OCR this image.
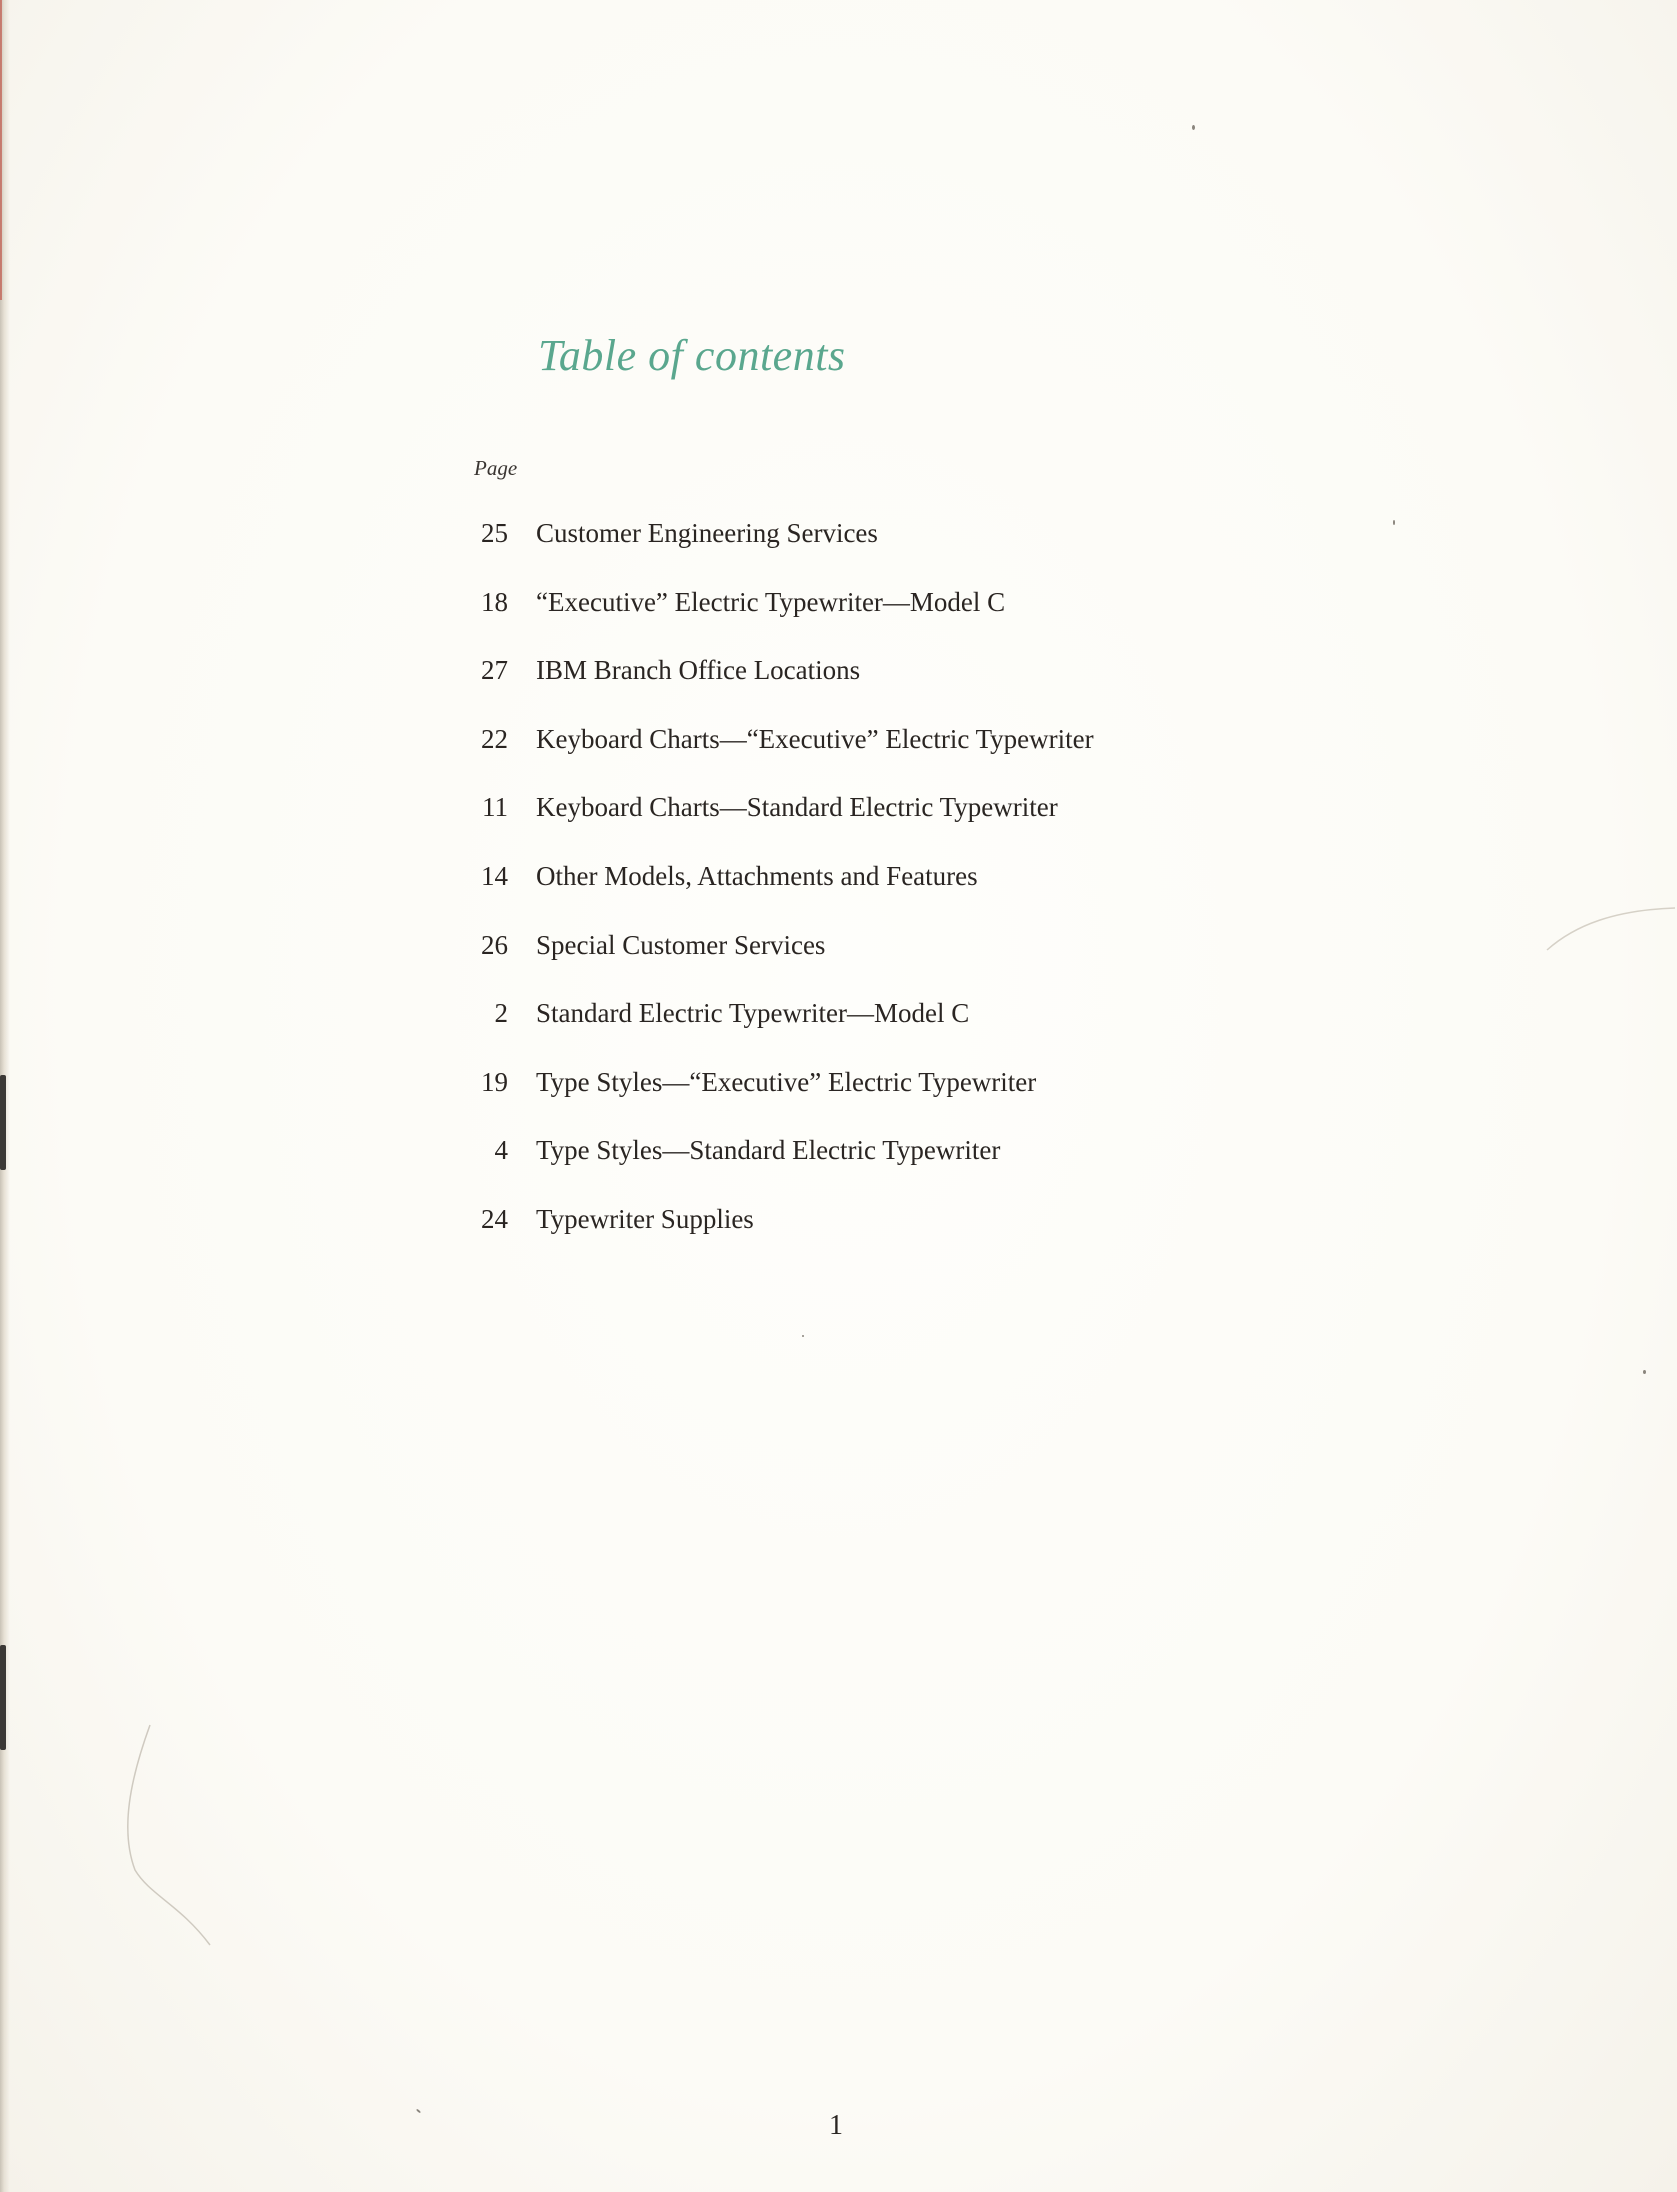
Table of contents
Page
25 Customer Engineering Services
18 “Executive” Electric Typewriter—Model C
27 IBM Branch Office Locations
22 Keyboard Charts—“Executive” Electric Typewriter
11 Keyboard Charts—Standard Electric Typewriter
14 Other Models, Attachments and Features
26 Special Customer Services
2 Standard Electric Typewriter—Model C
19 Type Styles—“Executive” Electric Typewriter
4 Type Styles—Standard Electric Typewriter
24 Typewriter Supplies
1
